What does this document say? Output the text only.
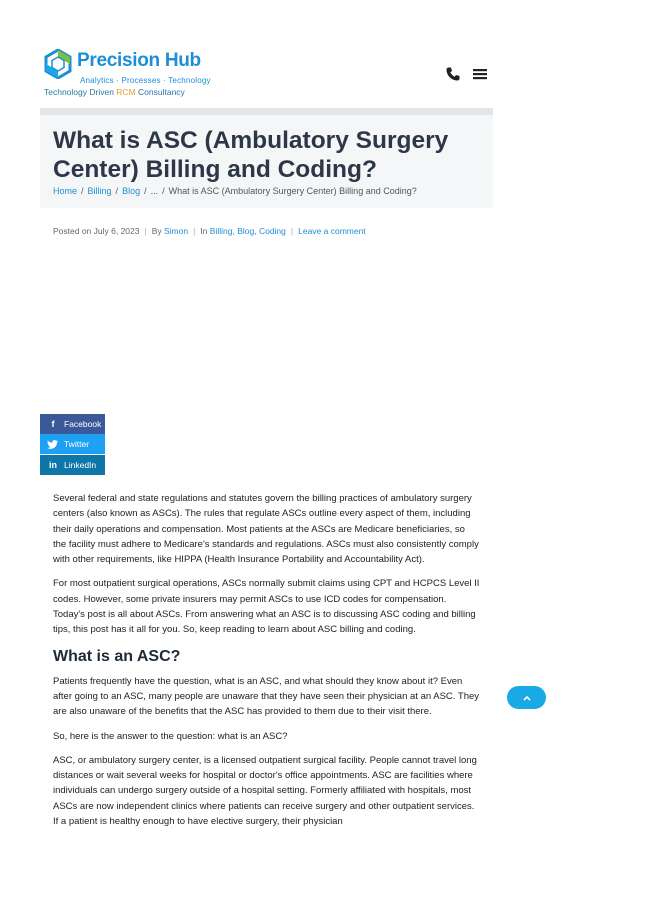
Precision Hub
Analytics · Processes · Technology
Technology Driven RCM Consultancy
What is ASC (Ambulatory Surgery Center) Billing and Coding?
Home / Billing / Blog / ... / What is ASC (Ambulatory Surgery Center) Billing and Coding?
Posted on July 6, 2023 | By Simon | In Billing, Blog, Coding | Leave a comment
f	Facebook
Twitter
in LinkedIn

Several federal and state regulations and statutes govern the billing practices of ambulatory surgery centers (also known as ASCs). The rules that regulate ASCs outline every aspect of them, including their daily operations and compensation. Most patients at the ASCs are Medicare beneficiaries, so the facility must adhere to Medicare's standards and regulations. ASCs must also consistently comply with other requirements, like HIPPA (Health Insurance Portability and Accountability Act).

For most outpatient surgical operations, ASCs normally submit claims using CPT and HCPCS Level II codes. However, some private insurers may permit ASCs to use ICD codes for compensation. Today's post is all about ASCs. From answering what an ASC is to discussing ASC coding and billing tips, this post has it all for you. So, keep reading to learn about ASC billing and coding.

What is an ASC?

Patients frequently have the question, what is an ASC, and what should they know about it? Even after going to an ASC, many people are unaware that they have seen their physician at an ASC. They are also unaware of the benefits that the ASC has provided to them due to their visit there.

So, here is the answer to the question: what is an ASC?

ASC, or ambulatory surgery center, is a licensed outpatient surgical facility. People cannot travel long distances or wait several weeks for hospital or doctor's office appointments. ASC are facilities where individuals can undergo surgery outside of a hospital setting. Formerly affiliated with hospitals, most ASCs are now independent clinics where patients can receive surgery and other outpatient services. If a patient is healthy enough to have elective surgery, their physician
